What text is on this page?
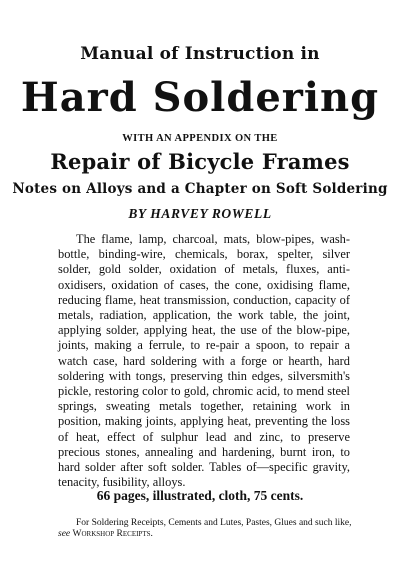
Manual of Instruction in
Hard Soldering
WITH AN APPENDIX ON THE
Repair of Bicycle Frames
Notes on Alloys and a Chapter on Soft Soldering
BY HARVEY ROWELL
The flame, lamp, charcoal, mats, blow-pipes, wash-bottle, binding-wire, chemicals, borax, spelter, silver solder, gold solder, oxidation of metals, fluxes, anti-oxidisers, oxidation of cases, the cone, oxidising flame, reducing flame, heat transmission, conduction, capacity of metals, radiation, application, the work table, the joint, applying solder, applying heat, the use of the blow-pipe, joints, making a ferrule, to re-pair a spoon, to repair a watch case, hard soldering with a forge or hearth, hard soldering with tongs, preserving thin edges, silversmith's pickle, restoring color to gold, chromic acid, to mend steel springs, sweating metals together, retaining work in position, making joints, applying heat, preventing the loss of heat, effect of sulphur lead and zinc, to preserve precious stones, annealing and hardening, burnt iron, to hard solder after soft solder. Tables of—specific gravity, tenacity, fusibility, alloys.
66 pages, illustrated, cloth, 75 cents.
For Soldering Receipts, Cements and Lutes, Pastes, Glues and such like, see Workshop Receipts.
